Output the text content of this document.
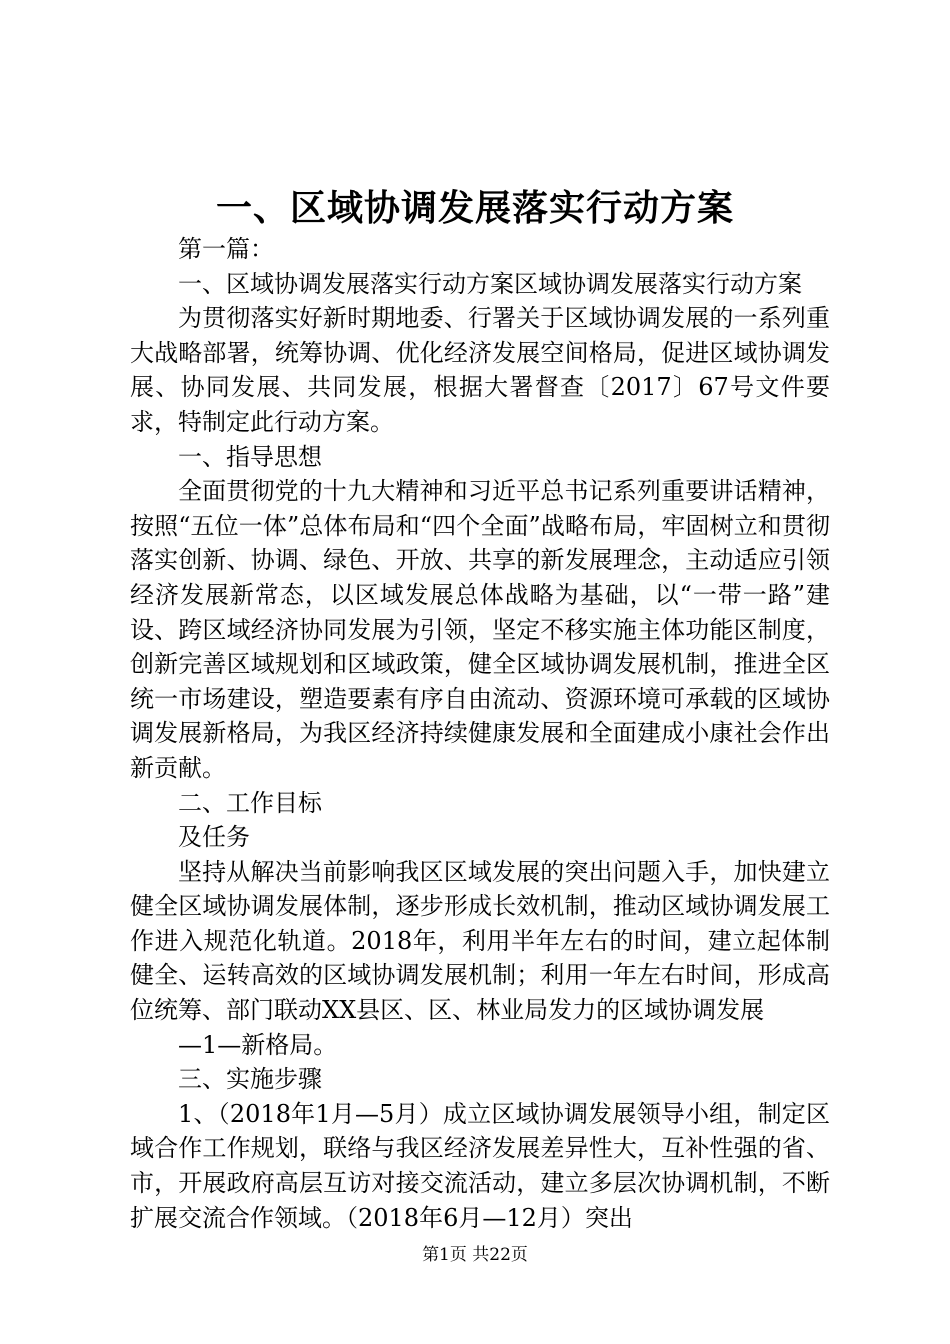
一、区域协调发展落实行动方案

第一篇：

一、区域协调发展落实行动方案区域协调发展落实行动方案

为贯彻落实好新时期地委、行署关于区域协调发展的一系列重大战略部署，统筹协调、优化经济发展空间格局，促进区域协调发展、协同发展、共同发展，根据大署督查〔2017〕67号文件要求，特制定此行动方案。

一、指导思想

全面贯彻党的十九大精神和习近平总书记系列重要讲话精神，按照“五位一体”总体布局和“四个全面”战略布局，牢固树立和贯彻落实创新、协调、绿色、开放、共享的新发展理念，主动适应引领经济发展新常态，以区域发展总体战略为基础，以“一带一路”建设、跨区域经济协同发展为引领，坚定不移实施主体功能区制度，创新完善区域规划和区域政策，健全区域协调发展机制，推进全区统一市场建设，塑造要素有序自由流动、资源环境可承载的区域协调发展新格局，为我区经济持续健康发展和全面建成小康社会作出新贡献。

二、工作目标

及任务

坚持从解决当前影响我区区域发展的突出问题入手，加快建立健全区域协调发展体制，逐步形成长效机制，推动区域协调发展工作进入规范化轨道。2018年，利用半年左右的时间，建立起体制健全、运转高效的区域协调发展机制；利用一年左右时间，形成高位统筹、部门联动XX县区、区、林业局发力的区域协调发展

—1—新格局。

三、实施步骤

1、（2018年1月—5月）成立区域协调发展领导小组，制定区域合作工作规划，联络与我区经济发展差异性大，互补性强的省、市，开展政府高层互访对接交流活动，建立多层次协调机制，不断扩展交流合作领域。（2018年6月—12月）突出

第1页 共22页
